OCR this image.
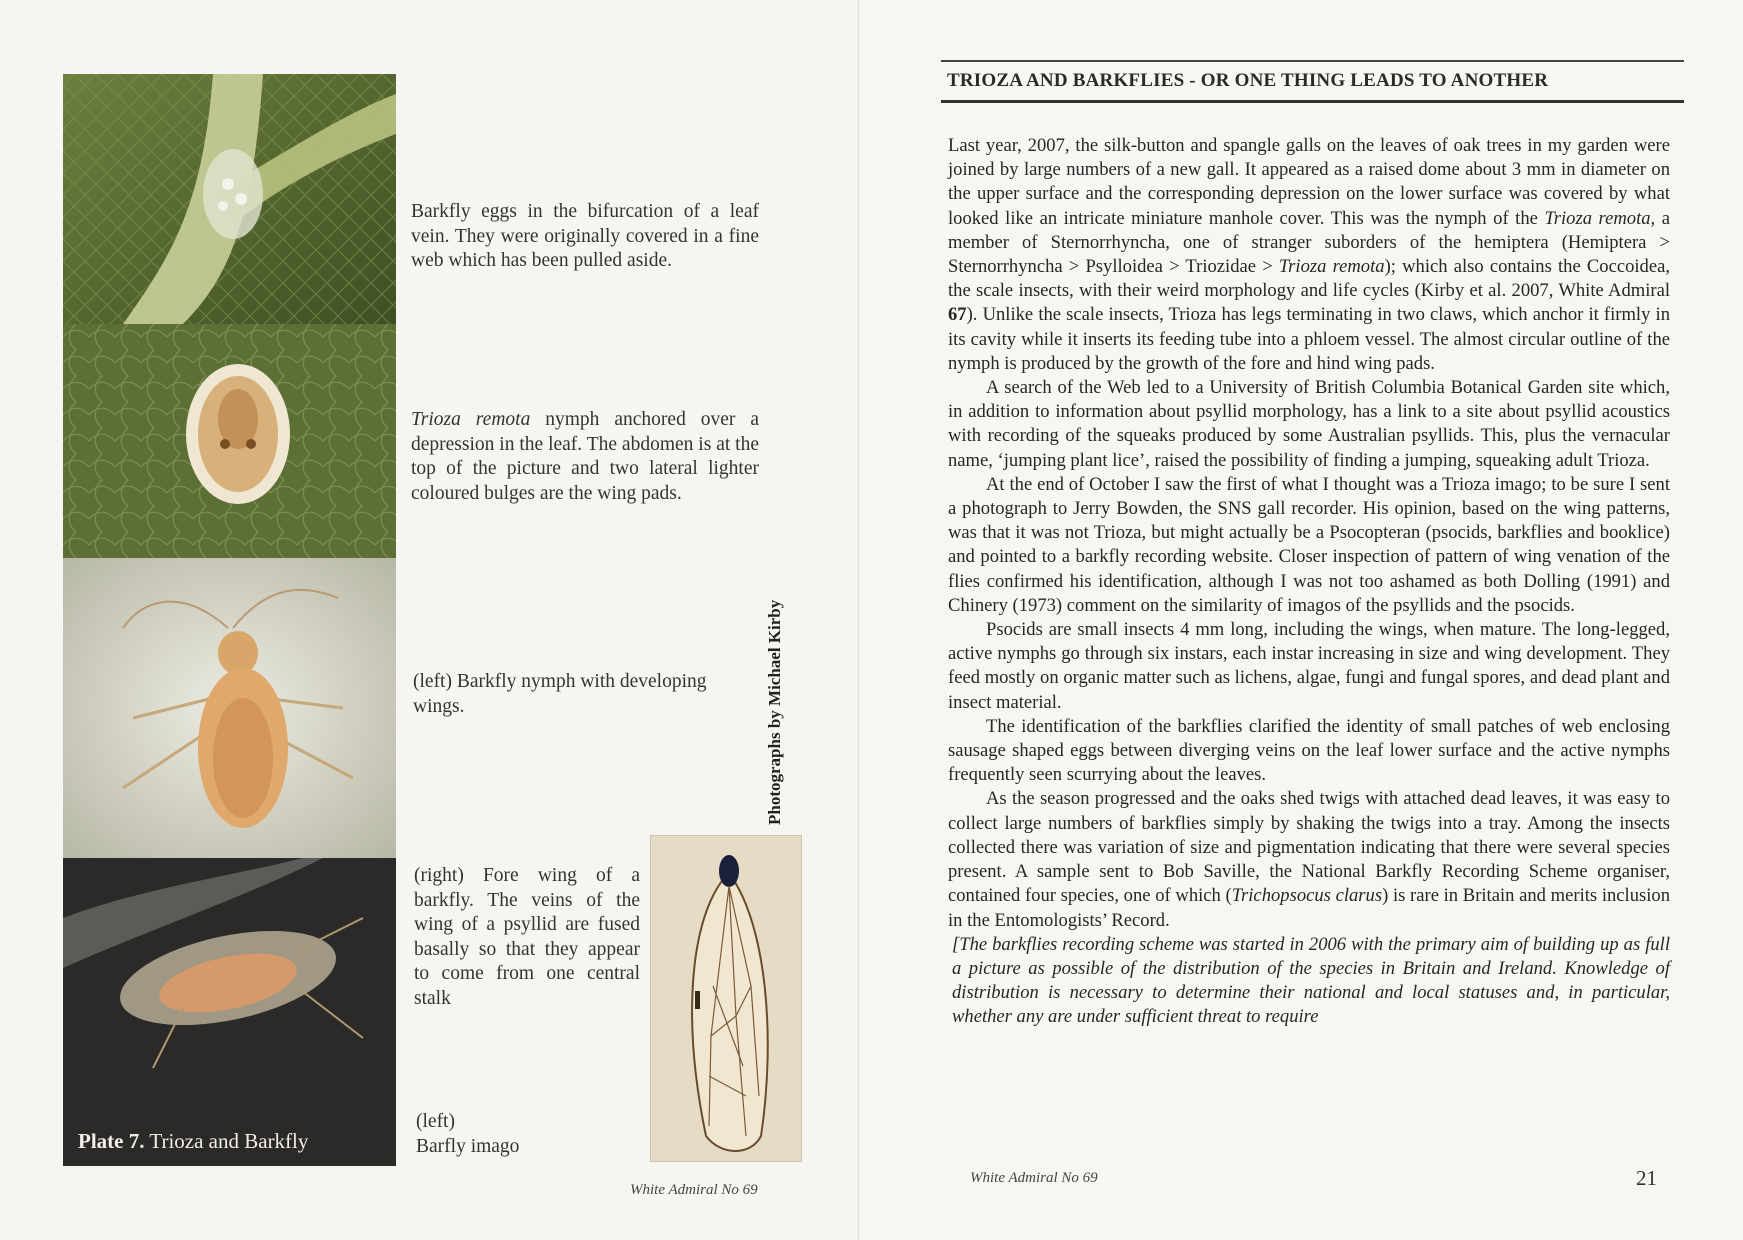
Plate 7. Trioza and Barkfly
Barkfly eggs in the bifurcation of a leaf vein. They were originally covered in a fine web which has been pulled aside.
Trioza remota nymph anchored over a depression in the leaf. The abdomen is at the top of the picture and two lateral lighter coloured bulges are the wing pads.
(left) Barkfly nymph with developing wings.
(right) Fore wing of a barkfly. The veins of the wing of a psyllid are fused basally so that they appear to come from one central stalk
(left)
Barfly imago
Photographs by Michael Kirby
White Admiral No 69
TRIOZA AND BARKFLIES - OR ONE THING LEADS TO ANOTHER

Last year, 2007, the silk-button and spangle galls on the leaves of oak trees in my garden were joined by large numbers of a new gall. It appeared as a raised dome about 3 mm in diameter on the upper surface and the corresponding depression on the lower surface was covered by what looked like an intricate miniature manhole cover. This was the nymph of the Trioza remota, a member of Sternorrhyncha, one of stranger suborders of the hemiptera (Hemiptera > Sternorrhyncha > Psylloidea > Triozidae > Trioza remota); which also contains the Coccoidea, the scale insects, with their weird morphology and life cycles (Kirby et al. 2007, White Admiral 67). Unlike the scale insects, Trioza has legs terminating in two claws, which anchor it firmly in its cavity while it inserts its feeding tube into a phloem vessel. The almost circular outline of the nymph is produced by the growth of the fore and hind wing pads.

A search of the Web led to a University of British Columbia Botanical Garden site which, in addition to information about psyllid morphology, has a link to a site about psyllid acoustics with recording of the squeaks produced by some Australian psyllids. This, plus the vernacular name, ‘jumping plant lice’, raised the possibility of finding a jumping, squeaking adult Trioza.

At the end of October I saw the first of what I thought was a Trioza imago; to be sure I sent a photograph to Jerry Bowden, the SNS gall recorder. His opinion, based on the wing patterns, was that it was not Trioza, but might actually be a Psocopteran (psocids, barkflies and booklice) and pointed to a barkfly recording website. Closer inspection of pattern of wing venation of the flies confirmed his identification, although I was not too ashamed as both Dolling (1991) and Chinery (1973) comment on the similarity of imagos of the psyllids and the psocids.

Psocids are small insects 4 mm long, including the wings, when mature. The long-legged, active nymphs go through six instars, each instar increasing in size and wing development. They feed mostly on organic matter such as lichens, algae, fungi and fungal spores, and dead plant and insect material.

The identification of the barkflies clarified the identity of small patches of web enclosing sausage shaped eggs between diverging veins on the leaf lower surface and the active nymphs frequently seen scurrying about the leaves.

As the season progressed and the oaks shed twigs with attached dead leaves, it was easy to collect large numbers of barkflies simply by shaking the twigs into a tray. Among the insects collected there was variation of size and pigmentation indicating that there were several species present. A sample sent to Bob Saville, the National Barkfly Recording Scheme organiser, contained four species, one of which (Trichopsocus clarus) is rare in Britain and merits inclusion in the Entomologists’ Record.

[The barkflies recording scheme was started in 2006 with the primary aim of building up as full a picture as possible of the distribution of the species in Britain and Ireland. Knowledge of distribution is necessary to determine their national and local statuses and, in particular, whether any are under sufficient threat to require

White Admiral No 69	21
